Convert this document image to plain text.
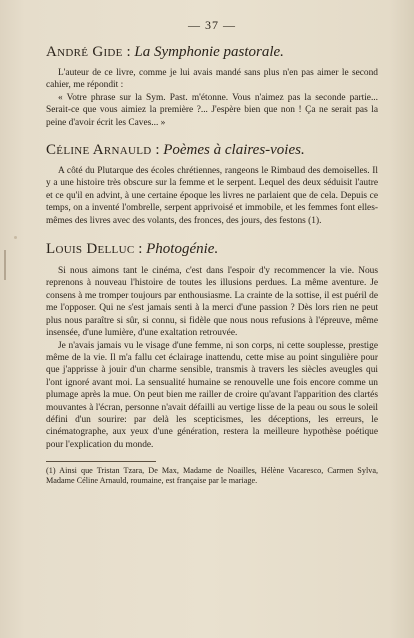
— 37 —
André Gide : La Symphonie pastorale.

L'auteur de ce livre, comme je lui avais mandé sans plus n'en pas aimer le second cahier, me répondit :

« Votre phrase sur la Sym. Past. m'étonne. Vous n'aimez pas la seconde partie... Serait-ce que vous aimiez la première ?... J'espère bien que non ! Ça ne serait pas la peine d'avoir écrit les Caves... »

Céline Arnauld : Poèmes à claires-voies.

A côté du Plutarque des écoles chrétiennes, rangeons le Rimbaud des demoiselles. Il y a une histoire très obscure sur la femme et le serpent. Lequel des deux séduisit l'autre et ce qu'il en advint, à une certaine époque les livres ne parlaient que de cela. Depuis ce temps, on a inventé l'ombrelle, serpent apprivoisé et immobile, et les femmes font elles-mêmes des livres avec des volants, des fronces, des jours, des festons (1).

Louis Delluc : Photogénie.

Si nous aimons tant le cinéma, c'est dans l'espoir d'y recommencer la vie. Nous reprenons à nouveau l'histoire de toutes les illusions perdues. La même aventure. Je consens à me tromper toujours par enthousiasme. La crainte de la sottise, il est puéril de me l'opposer. Qui ne s'est jamais senti à la merci d'une passion ? Dès lors rien ne peut plus nous paraître si sûr, si connu, si fidèle que nous nous refusions à l'épreuve, même insensée, d'une lumière, d'une exaltation retrouvée.

Je n'avais jamais vu le visage d'une femme, ni son corps, ni cette souplesse, prestige même de la vie. Il m'a fallu cet éclairage inattendu, cette mise au point singulière pour que j'apprisse à jouir d'un charme sensible, transmis à travers les siècles aveugles qui l'ont ignoré avant moi. La sensualité humaine se renouvelle une fois encore comme un plumage après la mue. On peut bien me railler de croire qu'avant l'apparition des clartés mouvantes à l'écran, personne n'avait défailli au vertige lisse de la peau ou sous le soleil défini d'un sourire: par delà les scepticismes, les déceptions, les erreurs, le cinématographe, aux yeux d'une génération, restera la meilleure hypothèse poétique pour l'explication du monde.

(1) Ainsi que Tristan Tzara, De Max, Madame de Noailles, Hélène Vacaresco, Carmen Sylva, Madame Céline Arnauld, roumaine, est française par le mariage.
